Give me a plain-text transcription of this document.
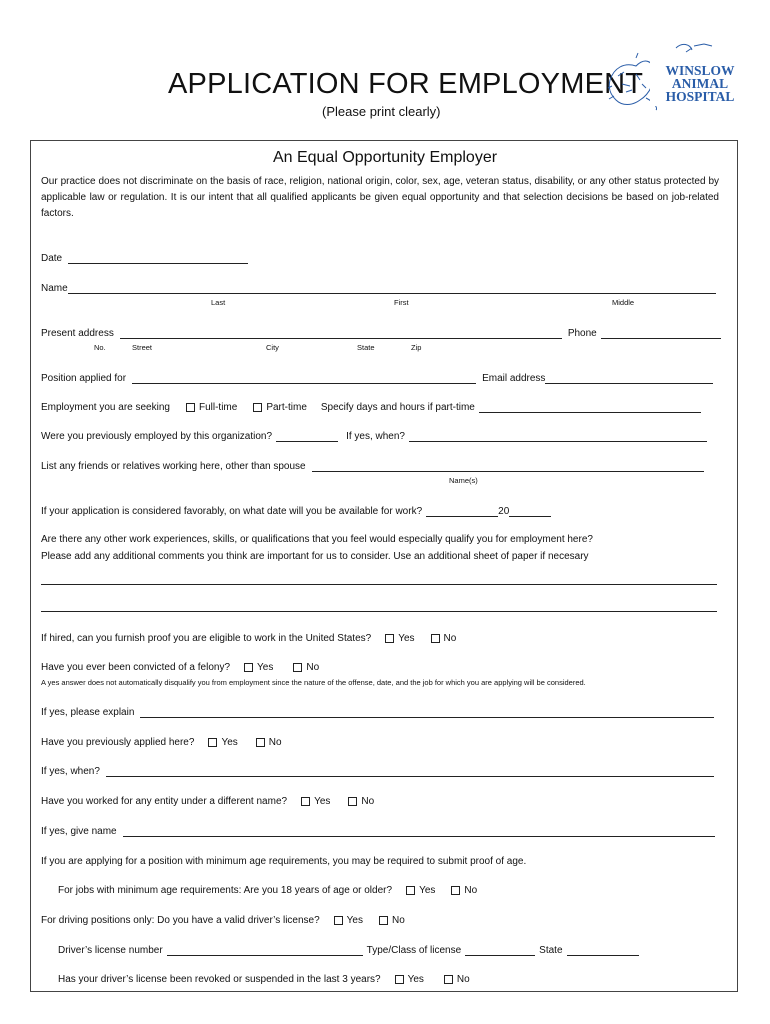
APPLICATION FOR EMPLOYMENT
(Please print clearly)
WINSLOW
ANIMAL
HOSPITAL
An Equal Opportunity Employer
Our practice does not discriminate on the basis of race, religion, national origin, color, sex, age, veteran status, disability, or any other status protected by applicable law or regulation. It is our intent that all qualified applicants be given equal opportunity and that selection decisions be based on job-related factors.
Date
Name
Last	First	Middle
Present address	Phone
No.	Street	City	State	Zip
Position applied for	Email address
Employment you are seeking	Full-time	Part-time Specify days and hours if part-time
Were you previously employed by this organization?	If yes, when?
List any friends or relatives working here, other than spouse
Name(s)
If your application is considered favorably, on what date will you be available for work?	20
Are there any other work experiences, skills, or qualifications that you feel would especially qualify you for employment here?
Please add any additional comments you think are important for us to consider. Use an additional sheet of paper if necesary
If hired, can you furnish proof you are eligible to work in the United States?	Yes	No
Have you ever been convicted of a felony?	Yes	No
A yes answer does not automatically disqualify you from employment since the nature of the offense, date, and the job for which you are applying will be considered.
If yes, please explain
Have you previously applied here?	Yes	No
If yes, when?
Have you worked for any entity under a different name?	Yes	No
If yes, give name
If you are applying for a position with minimum age requirements, you may be required to submit proof of age.
For jobs with minimum age requirements: Are you 18 years of age or older?	Yes	No
For driving positions only: Do you have a valid driver’s license?	Yes	No
Driver’s license number	Type/Class of license	State
Has your driver’s license been revoked or suspended in the last 3 years?	Yes	No
